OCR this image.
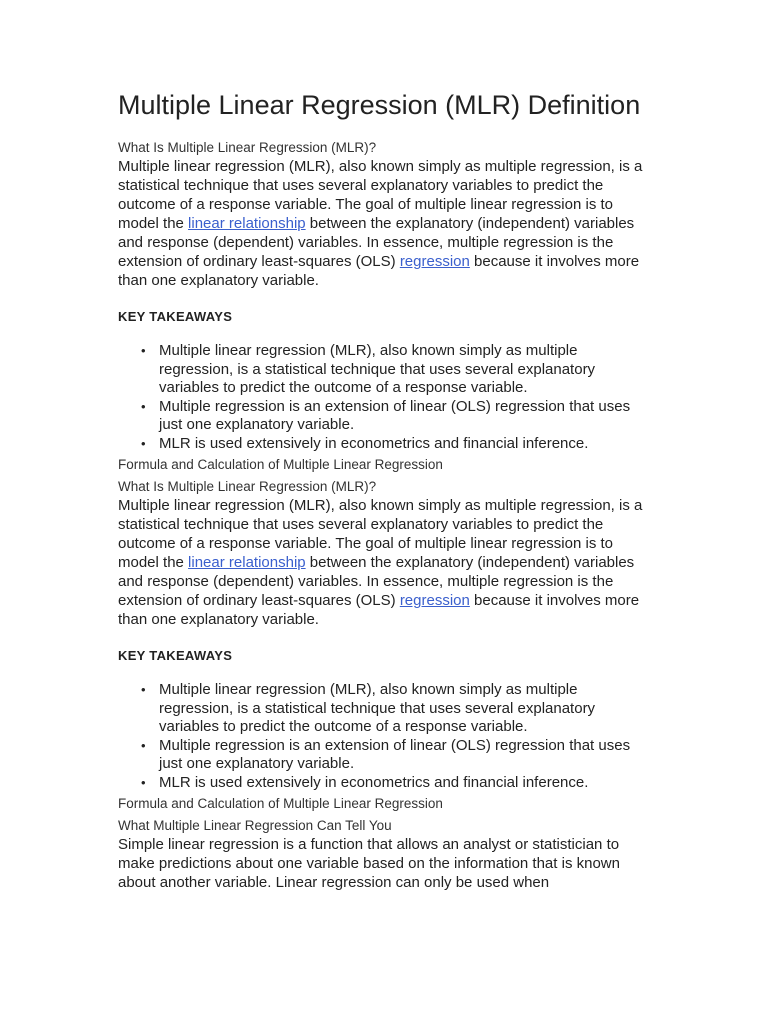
Multiple Linear Regression (MLR) Definition

What Is Multiple Linear Regression (MLR)?

Multiple linear regression (MLR), also known simply as multiple regression, is a statistical technique that uses several explanatory variables to predict the outcome of a response variable. The goal of multiple linear regression is to model the linear relationship between the explanatory (independent) variables and response (dependent) variables. In essence, multiple regression is the extension of ordinary least-squares (OLS) regression because it involves more than one explanatory variable.

KEY TAKEAWAYS

• Multiple linear regression (MLR), also known simply as multiple regression, is a statistical technique that uses several explanatory variables to predict the outcome of a response variable.
• Multiple regression is an extension of linear (OLS) regression that uses just one explanatory variable.
• MLR is used extensively in econometrics and financial inference.

Formula and Calculation of Multiple Linear Regression

What Is Multiple Linear Regression (MLR)?

Multiple linear regression (MLR), also known simply as multiple regression, is a statistical technique that uses several explanatory variables to predict the outcome of a response variable. The goal of multiple linear regression is to model the linear relationship between the explanatory (independent) variables and response (dependent) variables. In essence, multiple regression is the extension of ordinary least-squares (OLS) regression because it involves more than one explanatory variable.

KEY TAKEAWAYS

• Multiple linear regression (MLR), also known simply as multiple regression, is a statistical technique that uses several explanatory variables to predict the outcome of a response variable.
• Multiple regression is an extension of linear (OLS) regression that uses just one explanatory variable.
• MLR is used extensively in econometrics and financial inference.

Formula and Calculation of Multiple Linear Regression

What Multiple Linear Regression Can Tell You

Simple linear regression is a function that allows an analyst or statistician to make predictions about one variable based on the information that is known about another variable. Linear regression can only be used when
